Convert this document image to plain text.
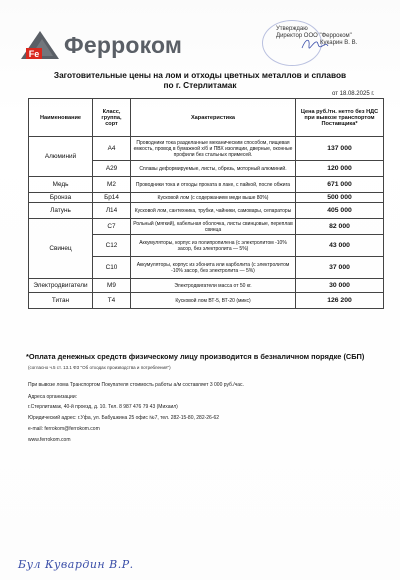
Fe Ферроком
Утверждаю
Директор ООО "Ферроком"
Кукарин В. В.
Заготовительные цены на лом и отходы цветных металлов и сплавов
по г. Стерлитамак
от 18.08.2025 г.
Наименование	Класс, группа, сорт	Характеристика	Цена руб./тн. нетто без НДС при вывозе транспортом Поставщика*
Алюминий	А4	Проводники тока разделанные механическим способом, пищевая емкость, провод в бумажной х/б и ПВХ изоляции, дверные, оконные профили без стальных примесей.	137 000
	А29	Сплавы деформируемые, листы, обрезь, моторный алюминий.	120 000
Медь	М2	Проводники тока и отходы проката в лаке, с пайкой, после обжига	671 000
Бронза	Бр14	Кусковой лом (с содержанием меди выше 80%)	500 000
Латунь	Л14	Кусковой лом, сантехника, трубки, чайники, самовары, сепараторы	405 000
Свинец	С7	Рольный (мягкий), кабельная оболочка, листы свинцовые, переплав свинца	82 000
	С12	Аккумуляторы, корпус из полипропилена (с электролитом -10% засор, без электролита — 5%)	43 000
	С10	Аккумуляторы, корпус из эбонита или карболита (с электролитом -10% засор, без электролита — 5%)	37 000
Электродвигатели	М9	Электродвигатели масса от 50 кг.	30 000
Титан	Т4	Кусковой лом ВТ-5, ВТ-20 (микс)	126 200
*Оплата денежных средств физическому лицу производится в безналичном порядке (СБП)
(согласно ч.5 ст. 13.1 ФЗ "Об отходах производства и потребления")
При вывозе лома Транспортом Покупателя стоимость работы а/м составляет 3 000 руб./час.
Адреса организации:
г.Стерлитамак, 40-й проезд, д. 10. Тел. 8 987 476 79 43 (Михаил)
Юридический адрес: г.Уфа, ул. Бабушкина 25 офис №7, тел. 282-15-80, 282-26-62
e-mail: ferrokom@ferrokom.com
www.ferrokom.com
Бул Кувардин В.Р.
